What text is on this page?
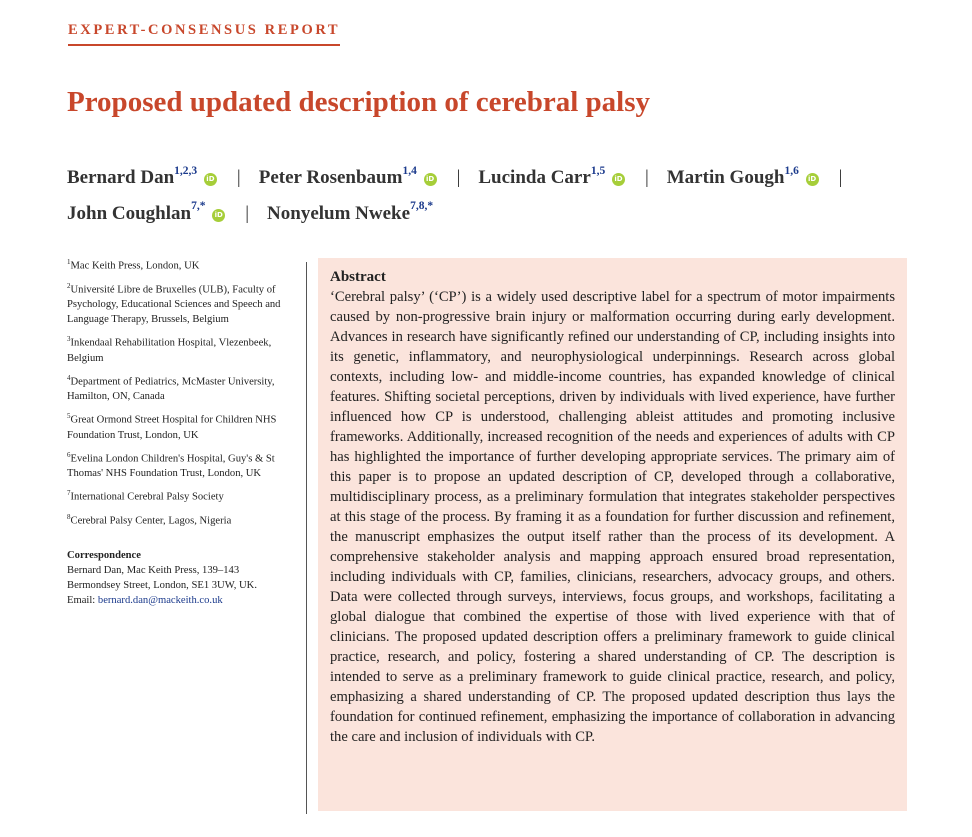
EXPERT-CONSENSUS REPORT
Proposed updated description of cerebral palsy
Bernard Dan$^{1,2,3}$ iD | Peter Rosenbaum$^{1,4}$ iD | Lucinda Carr$^{1,5}$ iD | Martin Gough$^{1,6}$ iD |
John Coughlan$^{7,*}$ iD | Nonyelum Nweke$^{7,8,*}$
$^1$Mac Keith Press, London, UK
$^2$Université Libre de Bruxelles (ULB), Faculty of Psychology, Educational Sciences and Speech and Language Therapy, Brussels, Belgium
$^3$Inkendaal Rehabilitation Hospital, Vlezenbeek, Belgium
$^4$Department of Pediatrics, McMaster University, Hamilton, ON, Canada
$^5$Great Ormond Street Hospital for Children NHS Foundation Trust, London, UK
$^6$Evelina London Children's Hospital, Guy's & St Thomas' NHS Foundation Trust, London, UK
$^7$International Cerebral Palsy Society
$^8$Cerebral Palsy Center, Lagos, Nigeria
Correspondence
Bernard Dan, Mac Keith Press, 139–143
Bermondsey Street, London, SE1 3UW, UK.
Email: bernard.dan@mackeith.co.uk
Abstract

‘Cerebral palsy’ (‘CP’) is a widely used descriptive label for a spectrum of motor impairments caused by non-progressive brain injury or malformation occurring during early development. Advances in research have significantly refined our understanding of CP, including insights into its genetic, inflammatory, and neurophysiological underpinnings. Research across global contexts, including low- and middle-income countries, has expanded knowledge of clinical features. Shifting societal perceptions, driven by individuals with lived experience, have further influenced how CP is understood, challenging ableist attitudes and promoting inclusive frameworks. Additionally, increased recognition of the needs and experiences of adults with CP has highlighted the importance of further developing appropriate services. The primary aim of this paper is to propose an updated description of CP, developed through a collaborative, multidisciplinary process, as a preliminary formulation that integrates stakeholder perspectives at this stage of the process. By framing it as a foundation for further discussion and refinement, the manuscript emphasizes the output itself rather than the process of its development. A comprehensive stakeholder analysis and mapping approach ensured broad representation, including individuals with CP, families, clinicians, researchers, advocacy groups, and others. Data were collected through surveys, interviews, focus groups, and workshops, facilitating a global dialogue that combined the expertise of those with lived experience with that of clinicians. The proposed updated description offers a preliminary framework to guide clinical practice, research, and policy, fostering a shared understanding of CP. The description is intended to serve as a preliminary framework to guide clinical practice, research, and policy, emphasizing a shared understanding of CP. The proposed updated description thus lays the foundation for continued refinement, emphasizing the importance of collaboration in advancing the care and inclusion of individuals with CP.
